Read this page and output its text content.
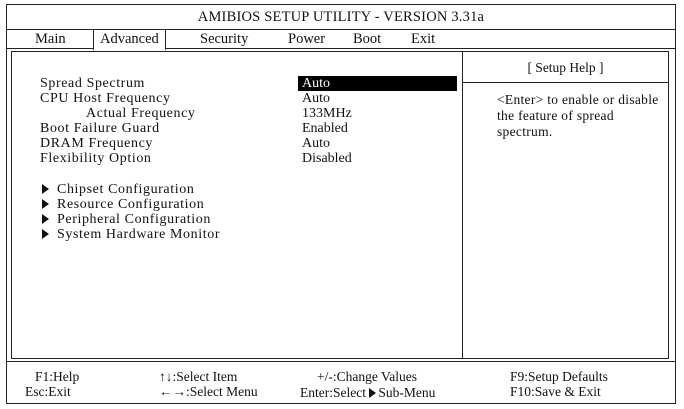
AMIBIOS SETUP UTILITY - VERSION 3.31a
Main	Advanced	Security	Power Boot Exit
Spread Spectrum	Auto
CPU Host Frequency	Auto
Actual Frequency	133MHz
Boot Failure Guard	Enabled
DRAM Frequency	Auto
Flexibility Option	Disabled
Chipset Configuration
Resource Configuration
Peripheral Configuration
System Hardware Monitor
[ Setup Help ]
<Enter> to enable or disable the feature of spread spectrum.
F1:Help
Esc:Exit
↑↓:Select Item
←→:Select Menu
+/-:Change Values
Enter:Select Sub-Menu
F9:Setup Defaults
F10:Save & Exit
